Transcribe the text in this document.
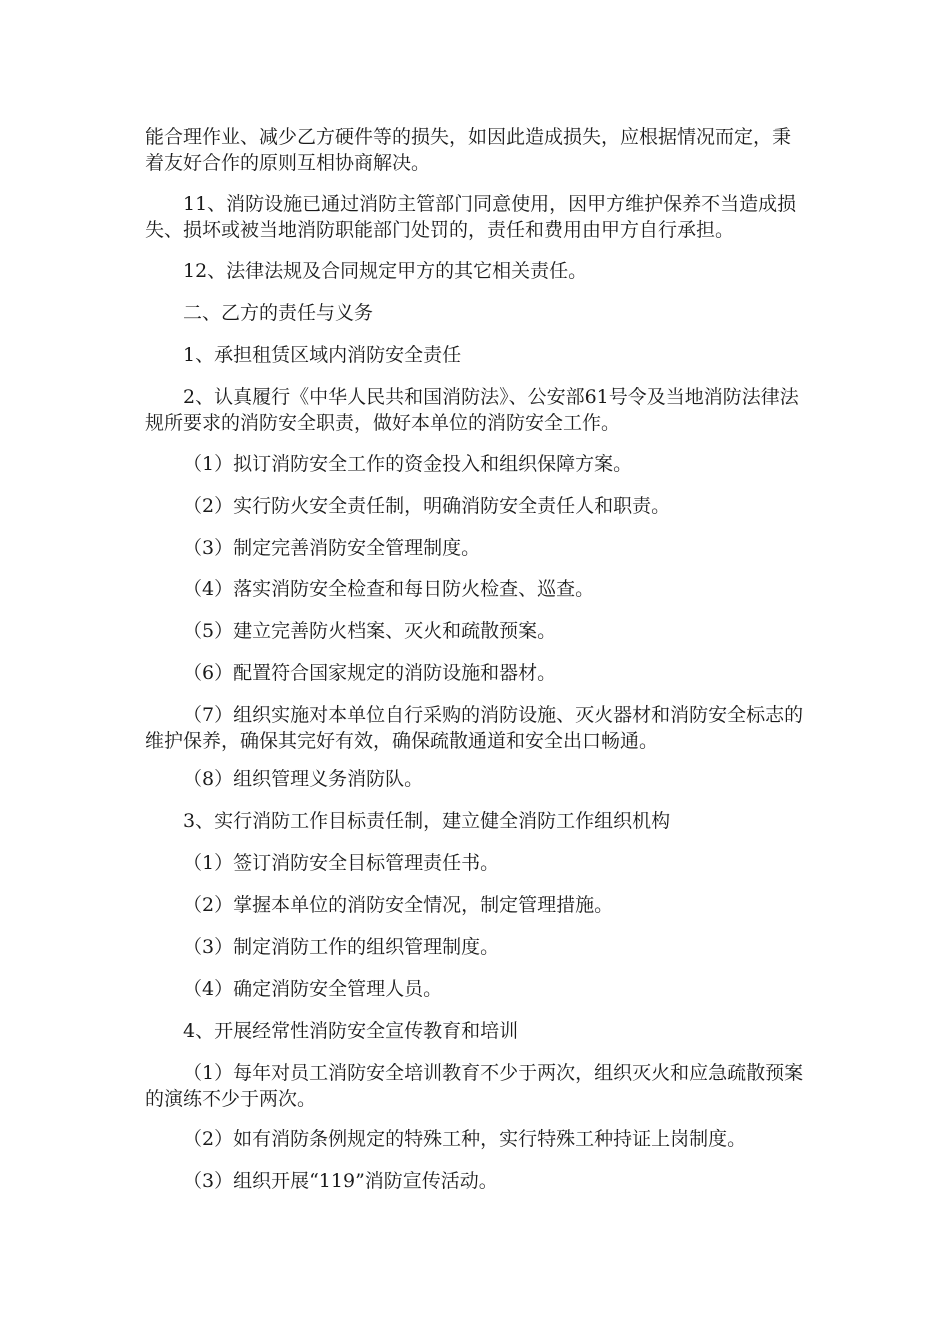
能合理作业、减少乙方硬件等的损失，如因此造成损失，应根据情况而定，秉着友好合作的原则互相协商解决。

11、消防设施已通过消防主管部门同意使用，因甲方维护保养不当造成损失、损坏或被当地消防职能部门处罚的，责任和费用由甲方自行承担。

12、法律法规及合同规定甲方的其它相关责任。

二、乙方的责任与义务

1、承担租赁区域内消防安全责任

2、认真履行《中华人民共和国消防法》、公安部61号令及当地消防法律法规所要求的消防安全职责，做好本单位的消防安全工作。

（1）拟订消防安全工作的资金投入和组织保障方案。

（2）实行防火安全责任制，明确消防安全责任人和职责。

（3）制定完善消防安全管理制度。

（4）落实消防安全检查和每日防火检查、巡查。

（5）建立完善防火档案、灭火和疏散预案。

（6）配置符合国家规定的消防设施和器材。

（7）组织实施对本单位自行采购的消防设施、灭火器材和消防安全标志的维护保养，确保其完好有效，确保疏散通道和安全出口畅通。

（8）组织管理义务消防队。

3、实行消防工作目标责任制，建立健全消防工作组织机构

（1）签订消防安全目标管理责任书。

（2）掌握本单位的消防安全情况，制定管理措施。

（3）制定消防工作的组织管理制度。

（4）确定消防安全管理人员。

4、开展经常性消防安全宣传教育和培训

（1）每年对员工消防安全培训教育不少于两次，组织灭火和应急疏散预案的演练不少于两次。

（2）如有消防条例规定的特殊工种，实行特殊工种持证上岗制度。

（3）组织开展“119”消防宣传活动。
